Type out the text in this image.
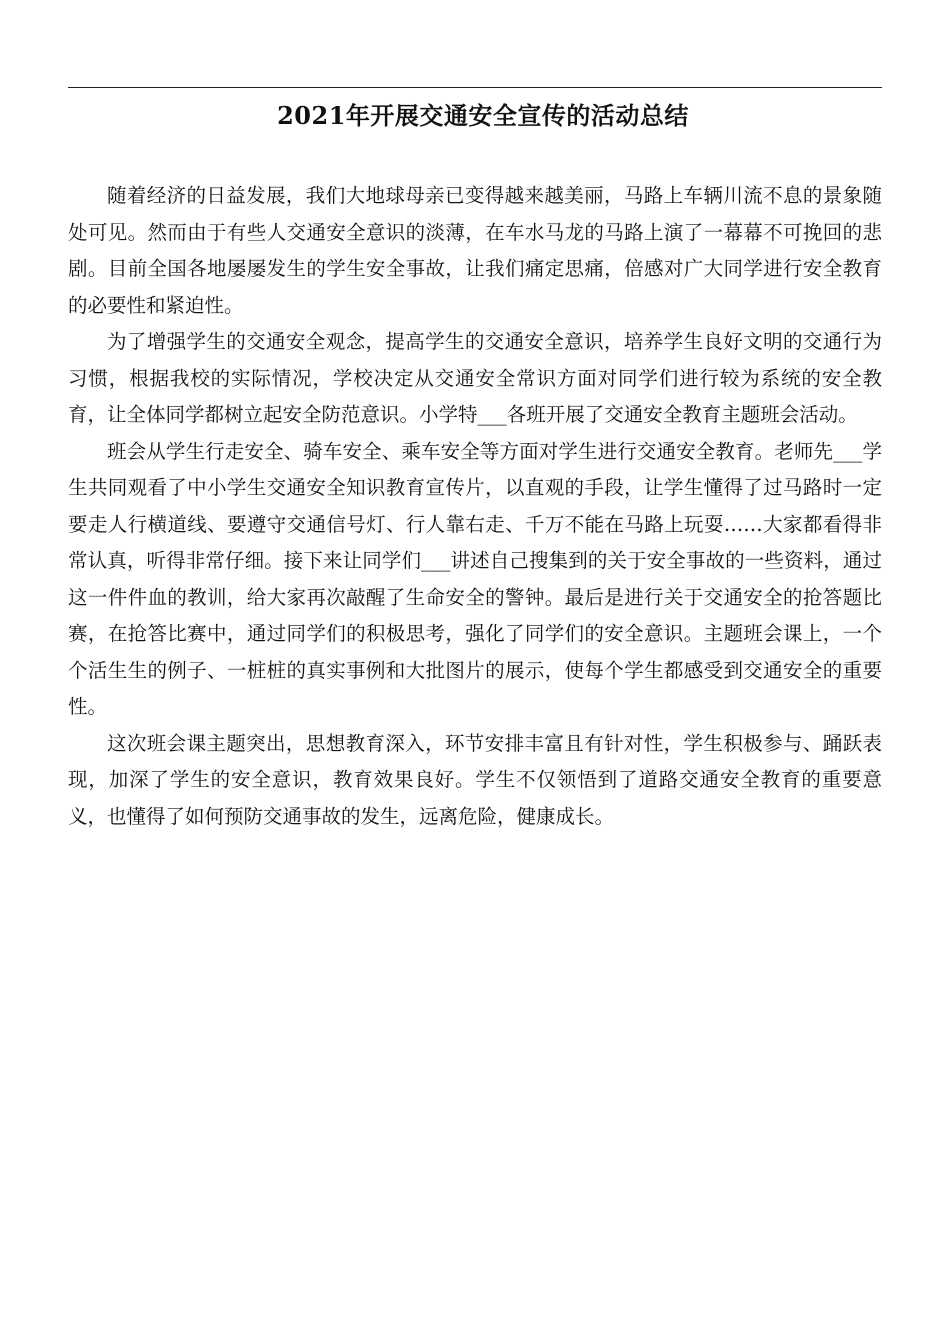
2021年开展交通安全宣传的活动总结

随着经济的日益发展，我们大地球母亲已变得越来越美丽，马路上车辆川流不息的景象随处可见。然而由于有些人交通安全意识的淡薄，在车水马龙的马路上演了一幕幕不可挽回的悲剧。目前全国各地屡屡发生的学生安全事故，让我们痛定思痛，倍感对广大同学进行安全教育的必要性和紧迫性。

为了增强学生的交通安全观念，提高学生的交通安全意识，培养学生良好文明的交通行为习惯，根据我校的实际情况，学校决定从交通安全常识方面对同学们进行较为系统的安全教育，让全体同学都树立起安全防范意识。小学特___各班开展了交通安全教育主题班会活动。

班会从学生行走安全、骑车安全、乘车安全等方面对学生进行交通安全教育。老师先___学生共同观看了中小学生交通安全知识教育宣传片，以直观的手段，让学生懂得了过马路时一定要走人行横道线、要遵守交通信号灯、行人靠右走、千万不能在马路上玩耍……大家都看得非常认真，听得非常仔细。接下来让同学们___讲述自己搜集到的关于安全事故的一些资料，通过这一件件血的教训，给大家再次敲醒了生命安全的警钟。最后是进行关于交通安全的抢答题比赛，在抢答比赛中，通过同学们的积极思考，强化了同学们的安全意识。主题班会课上，一个个活生生的例子、一桩桩的真实事例和大批图片的展示，使每个学生都感受到交通安全的重要性。

这次班会课主题突出，思想教育深入，环节安排丰富且有针对性，学生积极参与、踊跃表现，加深了学生的安全意识，教育效果良好。学生不仅领悟到了道路交通安全教育的重要意义，也懂得了如何预防交通事故的发生，远离危险，健康成长。
